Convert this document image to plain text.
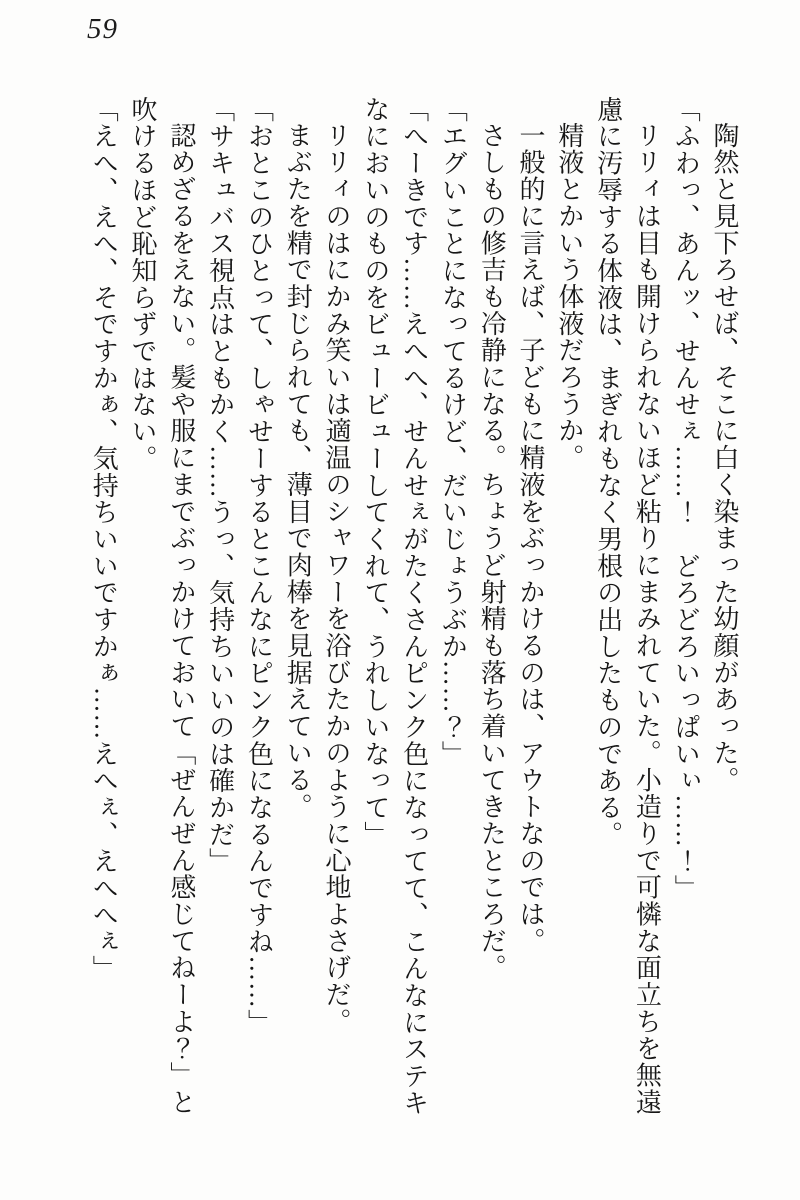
59

陶然と見下ろせば、そこに白く染まった幼顔があった。

「ふわっ、あんッ、せんせぇ……！　どろどろいっぱいぃ……！」

リリィは目も開けられないほど粘りにまみれていた。小造りで可憐な面立ちを無遠慮に汚辱する体液は、まぎれもなく男根の出したものである。

精液とかいう体液だろうか。

一般的に言えば、子どもに精液をぶっかけるのは、アウトなのでは。

さしもの修吉も冷静になる。ちょうど射精も落ち着いてきたところだ。

「エグいことになってるけど、だいじょうぶか……？」

「へーきです……えへへ、せんせぇがたくさんピンク色になってて、こんなにステキなにおいのものをビュービューしてくれて、うれしいなって」

リリィのはにかみ笑いは適温のシャワーを浴びたかのように心地よさげだ。

まぶたを精で封じられても、薄目で肉棒を見据えている。

「おとこのひとって、しゃせーするとこんなにピンク色になるんですね……」

「サキュバス視点はともかく……うっ、気持ちいいのは確かだ」

認めざるをえない。髪や服にまでぶっかけておいて「ぜんぜん感じてねーよ？」と吹けるほど恥知らずではない。

「えへ、えへ、そですかぁ、気持ちいいですかぁ……えへぇ、えへへぇ」
